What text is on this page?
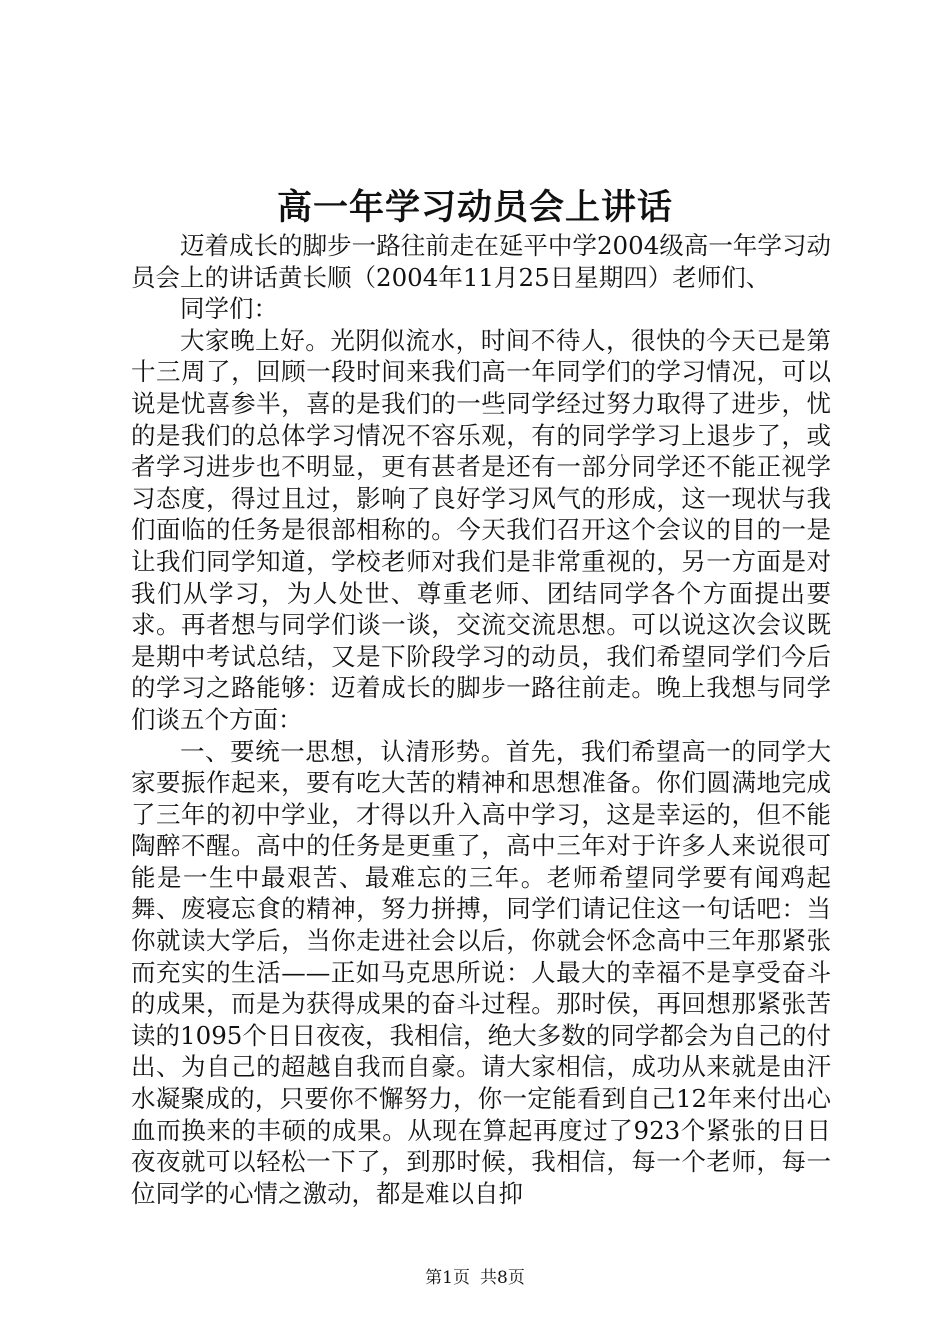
高一年学习动员会上讲话

迈着成长的脚步一路往前走在延平中学2004级高一年学习动员会上的讲话黄长顺（2004年11月25日星期四）老师们、

同学们：

大家晚上好。光阴似流水，时间不待人，很快的今天已是第十三周了，回顾一段时间来我们高一年同学们的学习情况，可以说是忧喜参半，喜的是我们的一些同学经过努力取得了进步，忧的是我们的总体学习情况不容乐观，有的同学学习上退步了，或者学习进步也不明显，更有甚者是还有一部分同学还不能正视学习态度，得过且过，影响了良好学习风气的形成，这一现状与我们面临的任务是很部相称的。今天我们召开这个会议的目的一是让我们同学知道，学校老师对我们是非常重视的，另一方面是对我们从学习，为人处世、尊重老师、团结同学各个方面提出要求。再者想与同学们谈一谈，交流交流思想。可以说这次会议既是期中考试总结，又是下阶段学习的动员，我们希望同学们今后的学习之路能够：迈着成长的脚步一路往前走。晚上我想与同学们谈五个方面：

一、要统一思想，认清形势。首先，我们希望高一的同学大家要振作起来，要有吃大苦的精神和思想准备。你们圆满地完成了三年的初中学业，才得以升入高中学习，这是幸运的，但不能陶醉不醒。高中的任务是更重了，高中三年对于许多人来说很可能是一生中最艰苦、最难忘的三年。老师希望同学要有闻鸡起舞、废寝忘食的精神，努力拼搏，同学们请记住这一句话吧：当你就读大学后，当你走进社会以后，你就会怀念高中三年那紧张而充实的生活——正如马克思所说：人最大的幸福不是享受奋斗的成果，而是为获得成果的奋斗过程。那时侯，再回想那紧张苦读的1095个日日夜夜，我相信，绝大多数的同学都会为自己的付出、为自己的超越自我而自豪。请大家相信，成功从来就是由汗水凝聚成的，只要你不懈努力，你一定能看到自己12年来付出心血而换来的丰硕的成果。从现在算起再度过了923个紧张的日日夜夜就可以轻松一下了，到那时候，我相信，每一个老师，每一位同学的心情之激动，都是难以自抑

第1页 共8页
